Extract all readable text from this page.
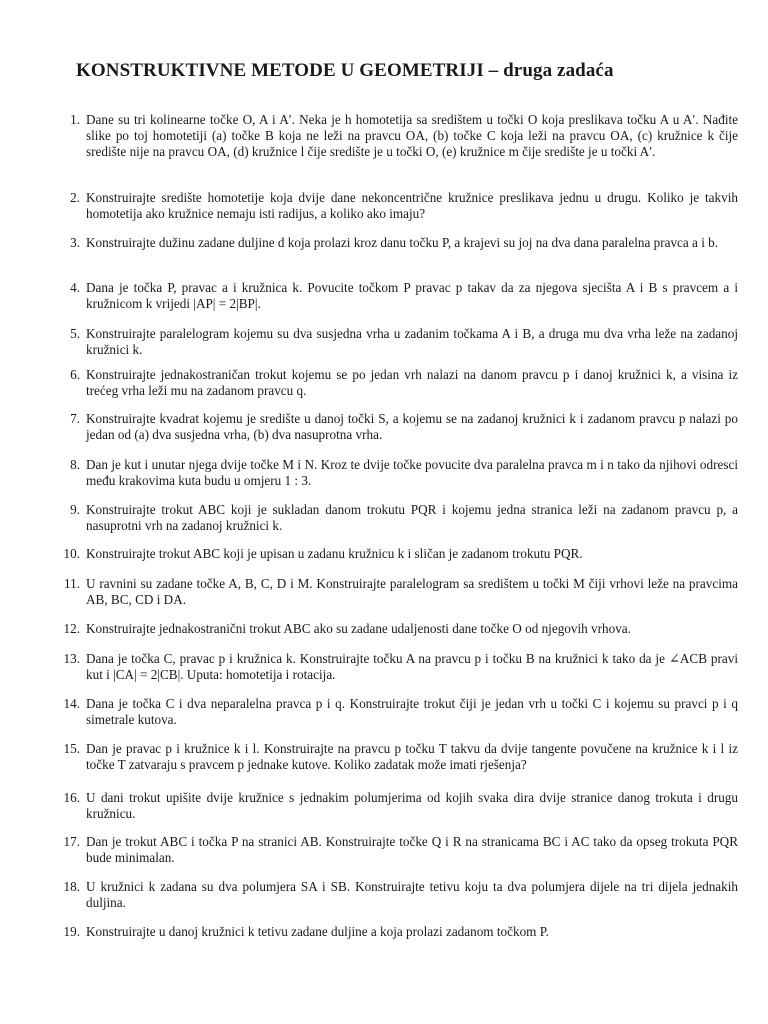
KONSTRUKTIVNE METODE U GEOMETRIJI – druga zadaća
1. Dane su tri kolinearne točke O, A i A′. Neka je h homotetija sa središtem u točki O koja preslikava točku A u A′. Nađite slike po toj homotetiji (a) točke B koja ne leži na pravcu OA, (b) točke C koja leži na pravcu OA, (c) kružnice k čije središte nije na pravcu OA, (d) kružnice l čije središte je u točki O, (e) kružnice m čije središte je u točki A′.
2. Konstruirajte središte homotetije koja dvije dane nekoncentrične kružnice preslikava jednu u drugu. Koliko je takvih homotetija ako kružnice nemaju isti radijus, a koliko ako imaju?
3. Konstruirajte dužinu zadane duljine d koja prolazi kroz danu točku P, a krajevi su joj na dva dana paralelna pravca a i b.
4. Dana je točka P, pravac a i kružnica k. Povucite točkom P pravac p takav da za njegova sjecišta A i B s pravcem a i kružnicom k vrijedi |AP| = 2|BP|.
5. Konstruirajte paralelogram kojemu su dva susjedna vrha u zadanim točkama A i B, a druga mu dva vrha leže na zadanoj kružnici k.
6. Konstruirajte jednakostraničan trokut kojemu se po jedan vrh nalazi na danom pravcu p i danoj kružnici k, a visina iz trećeg vrha leži mu na zadanom pravcu q.
7. Konstruirajte kvadrat kojemu je središte u danoj točki S, a kojemu se na zadanoj kružnici k i zadanom pravcu p nalazi po jedan od (a) dva susjedna vrha, (b) dva nasuprotna vrha.
8. Dan je kut i unutar njega dvije točke M i N. Kroz te dvije točke povucite dva paralelna pravca m i n tako da njihovi odresci među krakovima kuta budu u omjeru 1 : 3.
9. Konstruirajte trokut ABC koji je sukladan danom trokutu PQR i kojemu jedna stranica leži na zadanom pravcu p, a nasuprotni vrh na zadanoj kružnici k.
10. Konstruirajte trokut ABC koji je upisan u zadanu kružnicu k i sličan je zadanom trokutu PQR.
11. U ravnini su zadane točke A, B, C, D i M. Konstruirajte paralelogram sa središtem u točki M čiji vrhovi leže na pravcima AB, BC, CD i DA.
12. Konstruirajte jednakostranični trokut ABC ako su zadane udaljenosti dane točke O od njegovih vrhova.
13. Dana je točka C, pravac p i kružnica k. Konstruirajte točku A na pravcu p i točku B na kružnici k tako da je ∠ACB pravi kut i |CA| = 2|CB|. Uputa: homotetija i rotacija.
14. Dana je točka C i dva neparalelna pravca p i q. Konstruirajte trokut čiji je jedan vrh u točki C i kojemu su pravci p i q simetrale kutova.
15. Dan je pravac p i kružnice k i l. Konstruirajte na pravcu p točku T takvu da dvije tangente povučene na kružnice k i l iz točke T zatvaraju s pravcem p jednake kutove. Koliko zadatak može imati rješenja?
16. U dani trokut upišite dvije kružnice s jednakim polumjerima od kojih svaka dira dvije stranice danog trokuta i drugu kružnicu.
17. Dan je trokut ABC i točka P na stranici AB. Konstruirajte točke Q i R na stranicama BC i AC tako da opseg trokuta PQR bude minimalan.
18. U kružnici k zadana su dva polumjera SA i SB. Konstruirajte tetivu koju ta dva polumjera dijele na tri dijela jednakih duljina.
19. Konstruirajte u danoj kružnici k tetivu zadane duljine a koja prolazi zadanom točkom P.
